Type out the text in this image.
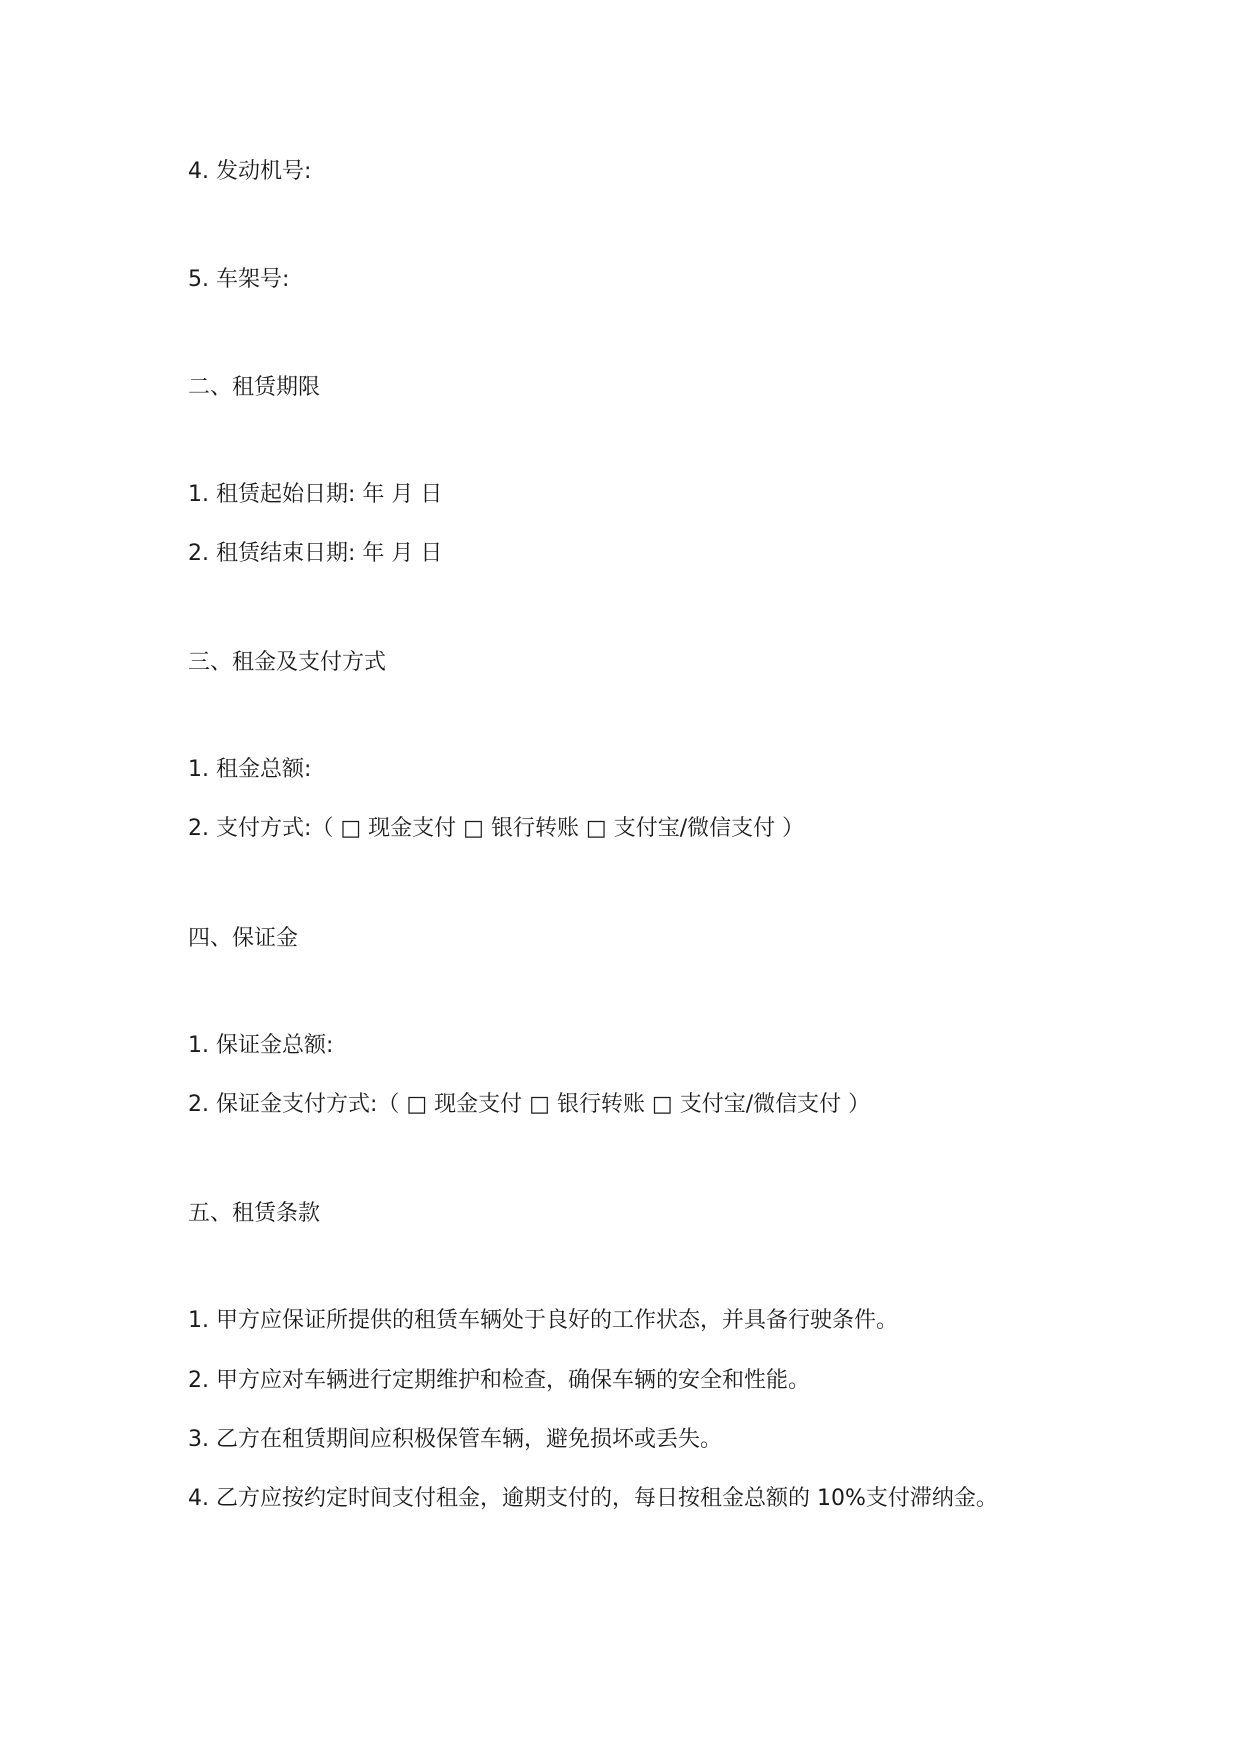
4. 发动机号:

5. 车架号:

二、租赁期限

1. 租赁起始日期: 年 月 日

2. 租赁结束日期: 年 月 日

三、租金及支付方式

1. 租金总额:

2. 支付方式:（ □ 现金支付 □ 银行转账 □ 支付宝/微信支付 ）

四、保证金

1. 保证金总额:

2. 保证金支付方式:（ □ 现金支付 □ 银行转账 □ 支付宝/微信支付 ）

五、租赁条款

1. 甲方应保证所提供的租赁车辆处于良好的工作状态，并具备行驶条件。

2. 甲方应对车辆进行定期维护和检查，确保车辆的安全和性能。

3. 乙方在租赁期间应积极保管车辆，避免损坏或丢失。

4. 乙方应按约定时间支付租金，逾期支付的，每日按租金总额的 10%支付滞纳金。
